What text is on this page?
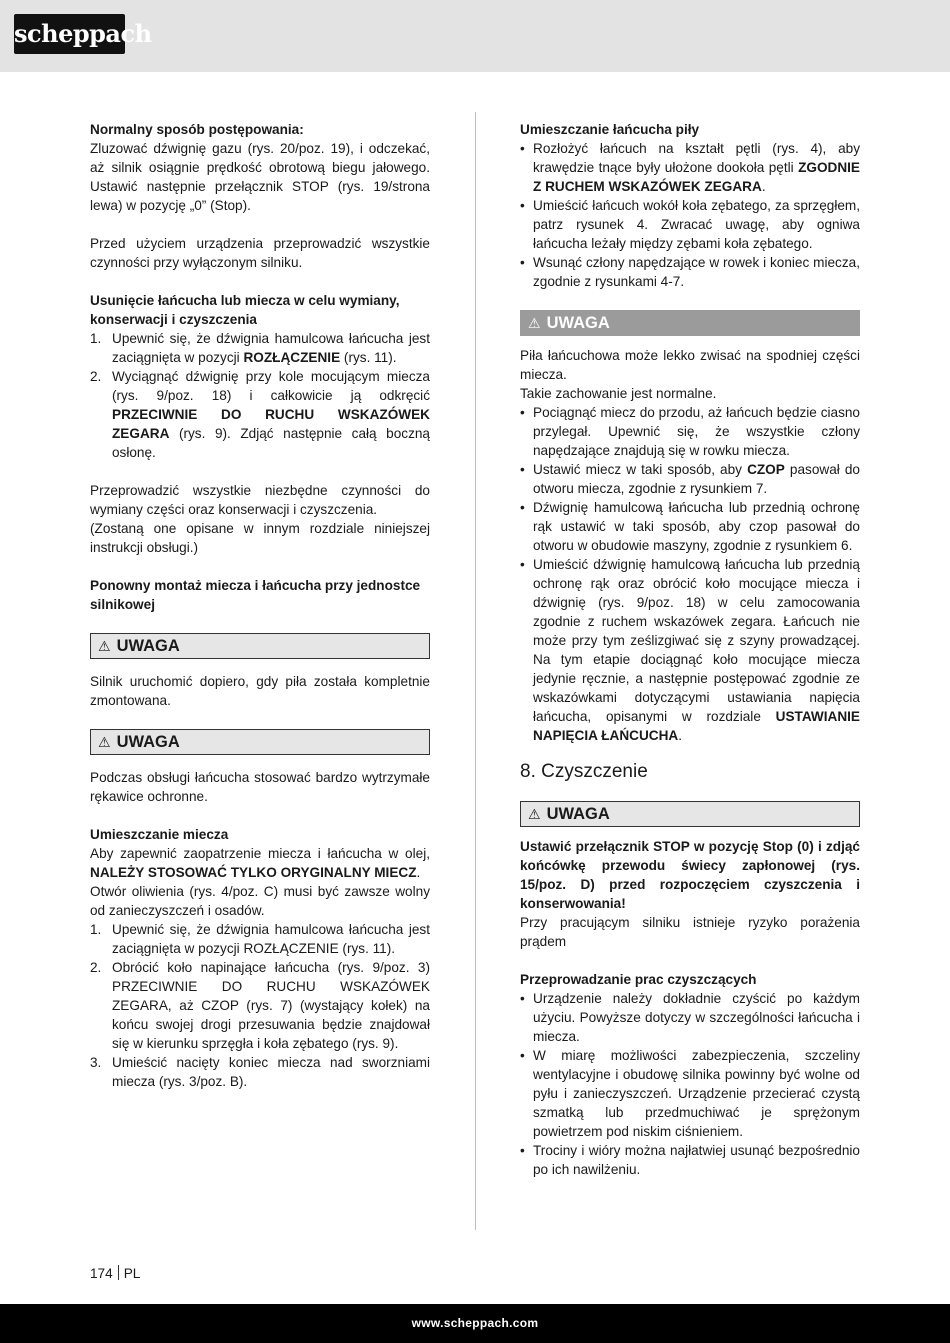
scheppach

Normalny sposób postępowania:

Zluzować dźwignię gazu (rys. 20/poz. 19), i odczekać, aż silnik osiągnie prędkość obrotową biegu jałowego. Ustawić następnie przełącznik STOP (rys. 19/strona lewa) w pozycję „0” (Stop).

Przed użyciem urządzenia przeprowadzić wszystkie czynności przy wyłączonym silniku.

Usunięcie łańcucha lub miecza w celu wymiany, konserwacji i czyszczenia

1. Upewnić się, że dźwignia hamulcowa łańcucha jest zaciągnięta w pozycji ROZŁĄCZENIE (rys. 11).
2. Wyciągnąć dźwignię przy kole mocującym miecza (rys. 9/poz. 18) i całkowicie ją odkręcić PRZECIWNIE DO RUCHU WSKAZÓWEK ZEGARA (rys. 9). Zdjąć następnie całą boczną osłonę.

Przeprowadzić wszystkie niezbędne czynności do wymiany części oraz konserwacji i czyszczenia.

(Zostaną one opisane w innym rozdziale niniejszej instrukcji obsługi.)

Ponowny montaż miecza i łańcucha przy jednostce silnikowej

⚠ UWAGA

Silnik uruchomić dopiero, gdy piła została kompletnie zmontowana.

⚠ UWAGA

Podczas obsługi łańcucha stosować bardzo wytrzymałe rękawice ochronne.

Umieszczanie miecza

Aby zapewnić zaopatrzenie miecza i łańcucha w olej, NALEŻY STOSOWAĆ TYLKO ORYGINALNY MIECZ.

Otwór oliwienia (rys. 4/poz. C) musi być zawsze wolny od zanieczyszczeń i osadów.

1. Upewnić się, że dźwignia hamulcowa łańcucha jest zaciągnięta w pozycji ROZŁĄCZENIE (rys. 11).
2. Obrócić koło napinające łańcucha (rys. 9/poz. 3) PRZECIWNIE DO RUCHU WSKAZÓWEK ZEGARA, aż CZOP (rys. 7) (wystający kołek) na końcu swojej drogi przesuwania będzie znajdował się w kierunku sprzęgła i koła zębatego (rys. 9).
3. Umieścić nacięty koniec miecza nad sworzniami miecza (rys. 3/poz. B).

Umieszczanie łańcucha piły

• Rozłożyć łańcuch na kształt pętli (rys. 4), aby krawędzie tnące były ułożone dookoła pętli ZGODNIE Z RUCHEM WSKAZÓWEK ZEGARA.
• Umieścić łańcuch wokół koła zębatego, za sprzęgłem, patrz rysunek 4. Zwracać uwagę, aby ogniwa łańcucha leżały między zębami koła zębatego.
• Wsunąć człony napędzające w rowek i koniec miecza, zgodnie z rysunkami 4-7.
⚠ UWAGA

Piła łańcuchowa może lekko zwisać na spodniej części miecza.

Takie zachowanie jest normalne.

• Pociągnąć miecz do przodu, aż łańcuch będzie ciasno przylegał. Upewnić się, że wszystkie człony napędzające znajdują się w rowku miecza.
• Ustawić miecz w taki sposób, aby CZOP pasował do otworu miecza, zgodnie z rysunkiem 7.
• Dźwignię hamulcową łańcucha lub przednią ochronę rąk ustawić w taki sposób, aby czop pasował do otworu w obudowie maszyny, zgodnie z rysunkiem 6.
• Umieścić dźwignię hamulcową łańcucha lub przednią ochronę rąk oraz obrócić koło mocujące miecza i dźwignię (rys. 9/poz. 18) w celu zamocowania zgodnie z ruchem wskazówek zegara. Łańcuch nie może przy tym ześlizgiwać się z szyny prowadzącej. Na tym etapie dociągnąć koło mocujące miecza jedynie ręcznie, a następnie postępować zgodnie ze wskazówkami dotyczącymi ustawiania napięcia łańcucha, opisanymi w rozdziale USTAWIANIE NAPIĘCIA ŁAŃCUCHA.
8. Czyszczenie
⚠ UWAGA

Ustawić przełącznik STOP w pozycję Stop (0) i zdjąć końcówkę przewodu świecy zapłonowej (rys. 15/poz. D) przed rozpoczęciem czyszczenia i konserwowania!

Przy pracującym silniku istnieje ryzyko porażenia prądem

Przeprowadzanie prac czyszczących

• Urządzenie należy dokładnie czyścić po każdym użyciu. Powyższe dotyczy w szczególności łańcucha i miecza.
• W miarę możliwości zabezpieczenia, szczeliny wentylacyjne i obudowę silnika powinny być wolne od pyłu i zanieczyszczeń. Urządzenie przecierać czystą szmatką lub przedmuchiwać je sprężonym powietrzem pod niskim ciśnieniem.
• Trociny i wióry można najłatwiej usunąć bezpośrednio po ich nawilżeniu.
174 PL
www.scheppach.com
